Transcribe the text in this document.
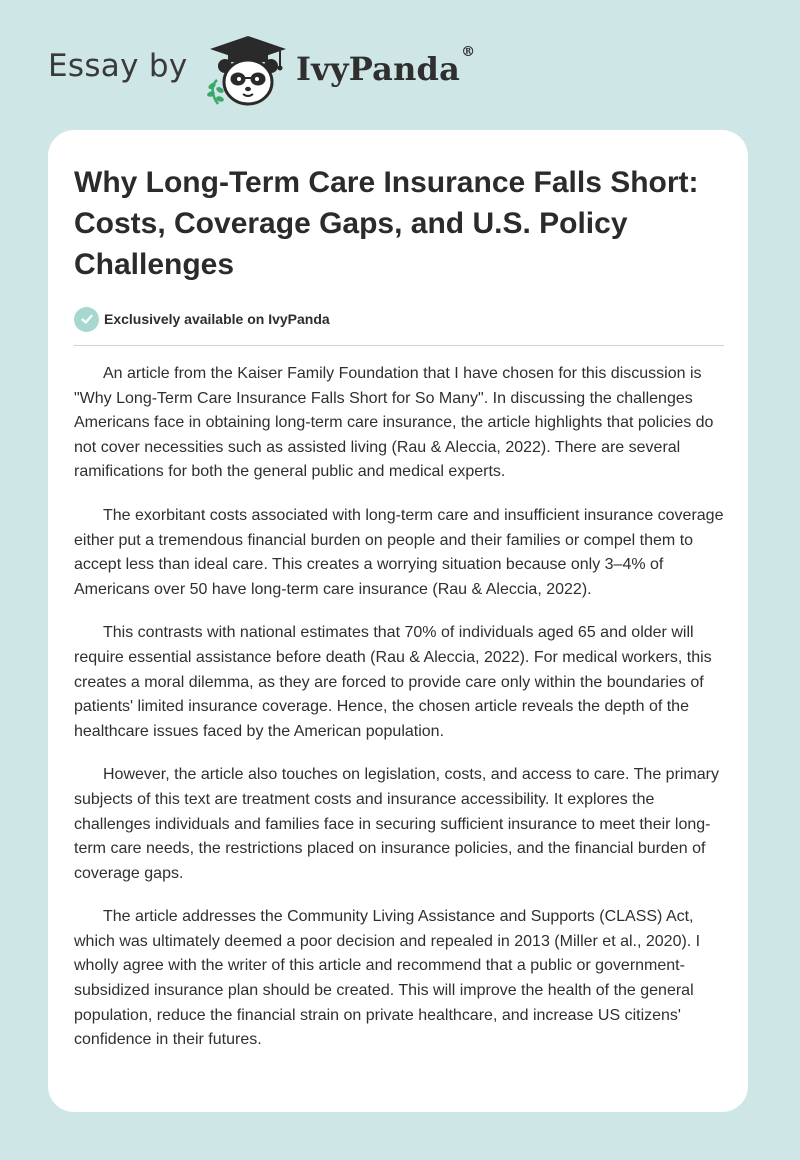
Essay by	IvyPanda®
Why Long-Term Care Insurance Falls Short: Costs, Coverage Gaps, and U.S. Policy Challenges
Exclusively available on IvyPanda

An article from the Kaiser Family Foundation that I have chosen for this discussion is "Why Long-Term Care Insurance Falls Short for So Many". In discussing the challenges Americans face in obtaining long-term care insurance, the article highlights that policies do not cover necessities such as assisted living (Rau & Aleccia, 2022). There are several ramifications for both the general public and medical experts.

The exorbitant costs associated with long-term care and insufficient insurance coverage either put a tremendous financial burden on people and their families or compel them to accept less than ideal care. This creates a worrying situation because only 3–4% of Americans over 50 have long-term care insurance (Rau & Aleccia, 2022).

This contrasts with national estimates that 70% of individuals aged 65 and older will require essential assistance before death (Rau & Aleccia, 2022). For medical workers, this creates a moral dilemma, as they are forced to provide care only within the boundaries of patients' limited insurance coverage. Hence, the chosen article reveals the depth of the healthcare issues faced by the American population.

However, the article also touches on legislation, costs, and access to care. The primary subjects of this text are treatment costs and insurance accessibility. It explores the challenges individuals and families face in securing sufficient insurance to meet their long-term care needs, the restrictions placed on insurance policies, and the financial burden of coverage gaps.

The article addresses the Community Living Assistance and Supports (CLASS) Act, which was ultimately deemed a poor decision and repealed in 2013 (Miller et al., 2020). I wholly agree with the writer of this article and recommend that a public or government-subsidized insurance plan should be created. This will improve the health of the general population, reduce the financial strain on private healthcare, and increase US citizens' confidence in their futures.
